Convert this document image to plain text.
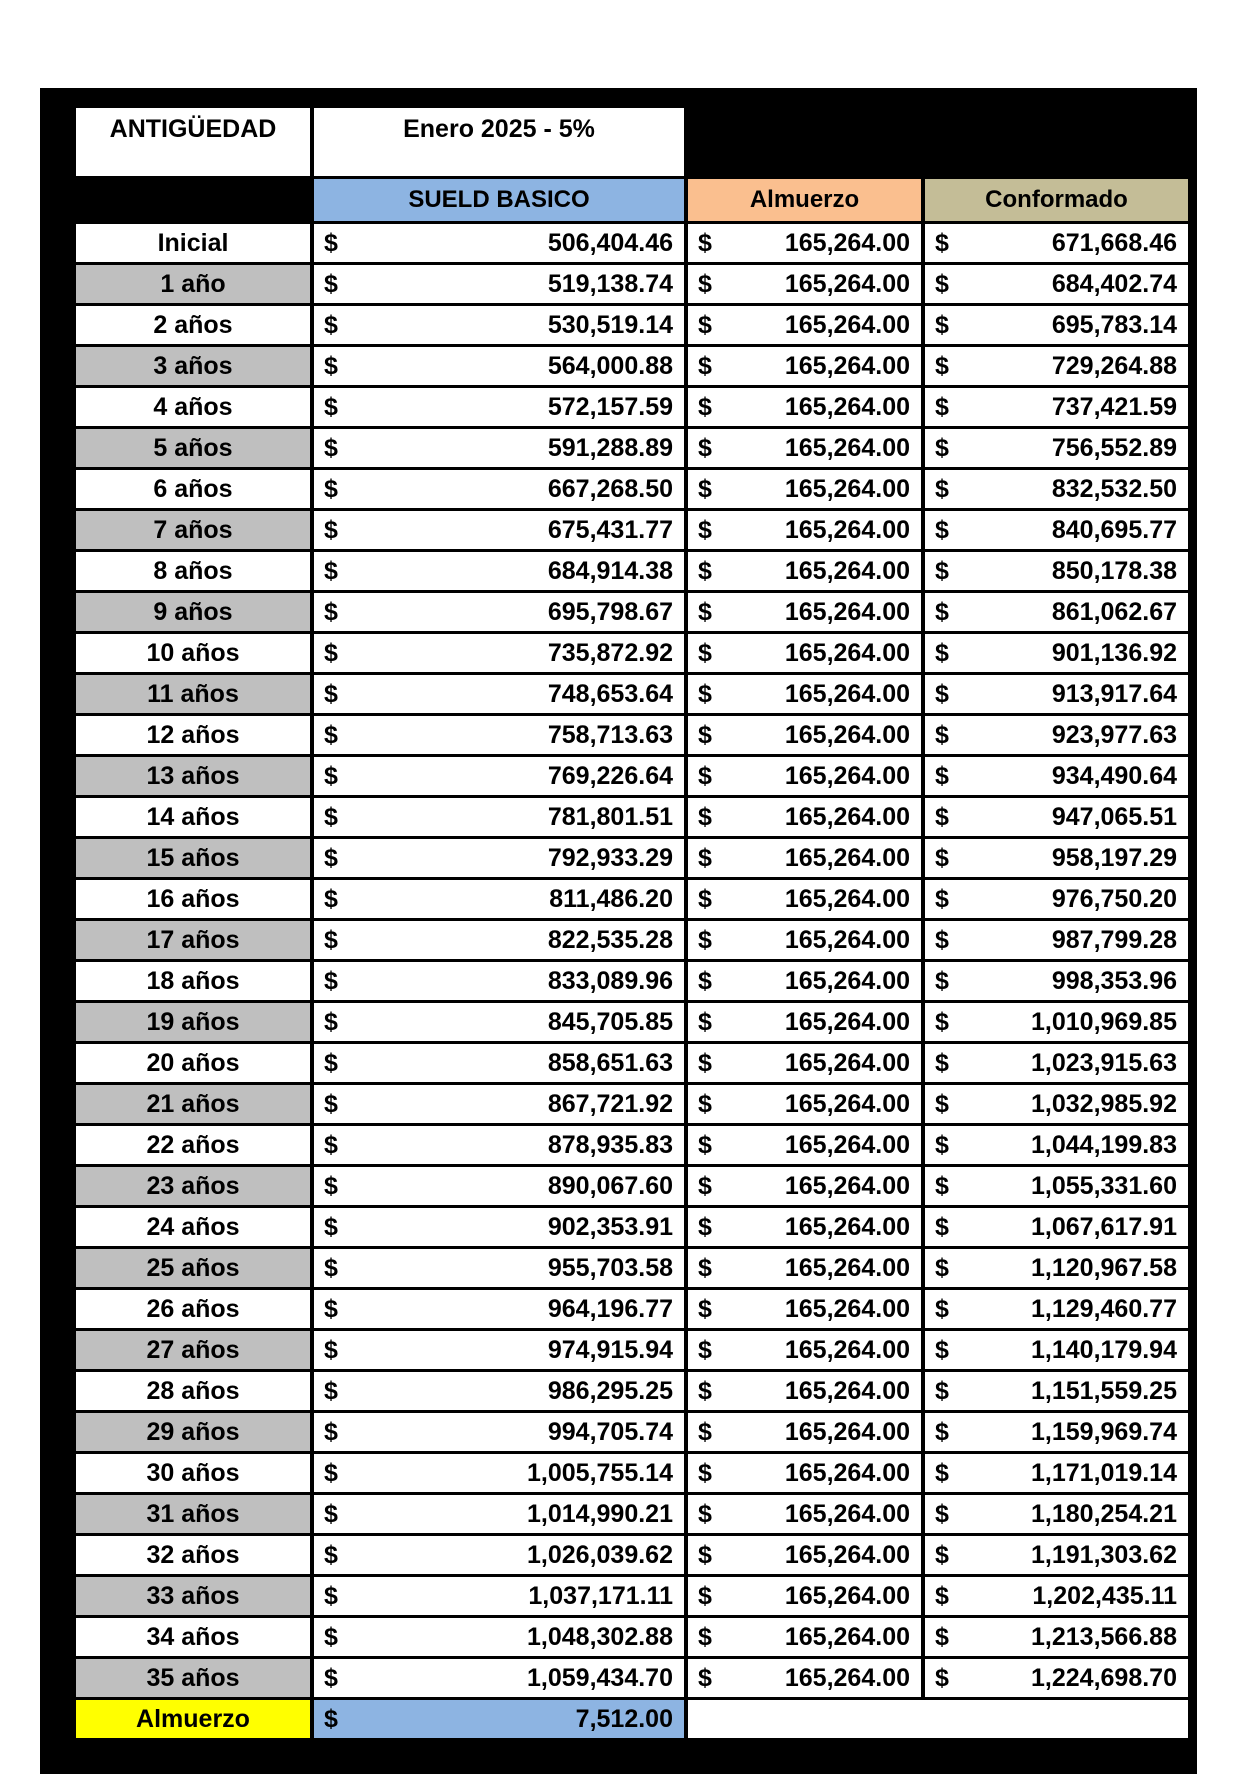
ANTIGÜEDAD	Enero 2025 - 5%		
	SUELD BASICO	Almuerzo	Conformado
Inicial	$ 506,404.46	$ 165,264.00	$ 671,668.46

1 año	$ 519,138.74	$ 165,264.00	$ 684,402.74

2 años	$ 530,519.14	$ 165,264.00	$ 695,783.14

3 años	$ 564,000.88	$ 165,264.00	$ 729,264.88

4 años	$ 572,157.59	$ 165,264.00	$ 737,421.59

5 años	$ 591,288.89	$ 165,264.00	$ 756,552.89

6 años	$ 667,268.50	$ 165,264.00	$ 832,532.50

7 años	$ 675,431.77	$ 165,264.00	$ 840,695.77

8 años	$ 684,914.38	$ 165,264.00	$ 850,178.38

9 años	$ 695,798.67	$ 165,264.00	$ 861,062.67

10 años	$ 735,872.92	$ 165,264.00	$ 901,136.92

11 años	$ 748,653.64	$ 165,264.00	$ 913,917.64

12 años	$ 758,713.63	$ 165,264.00	$ 923,977.63

13 años	$ 769,226.64	$ 165,264.00	$ 934,490.64

14 años	$ 781,801.51	$ 165,264.00	$ 947,065.51

15 años	$ 792,933.29	$ 165,264.00	$ 958,197.29

16 años	$ 811,486.20	$ 165,264.00	$ 976,750.20

17 años	$ 822,535.28	$ 165,264.00	$ 987,799.28

18 años	$ 833,089.96	$ 165,264.00	$ 998,353.96

19 años	$ 845,705.85	$ 165,264.00	$ 1,010,969.85

20 años	$ 858,651.63	$ 165,264.00	$ 1,023,915.63

21 años	$ 867,721.92	$ 165,264.00	$ 1,032,985.92

22 años	$ 878,935.83	$ 165,264.00	$ 1,044,199.83

23 años	$ 890,067.60	$ 165,264.00	$ 1,055,331.60

24 años	$ 902,353.91	$ 165,264.00	$ 1,067,617.91

25 años	$ 955,703.58	$ 165,264.00	$ 1,120,967.58

26 años	$ 964,196.77	$ 165,264.00	$ 1,129,460.77

27 años	$ 974,915.94	$ 165,264.00	$ 1,140,179.94

28 años	$ 986,295.25	$ 165,264.00	$ 1,151,559.25

29 años	$ 994,705.74	$ 165,264.00	$ 1,159,969.74

30 años	$ 1,005,755.14	$ 165,264.00	$ 1,171,019.14

31 años	$ 1,014,990.21	$ 165,264.00	$ 1,180,254.21

32 años	$ 1,026,039.62	$ 165,264.00	$ 1,191,303.62

33 años	$ 1,037,171.11	$ 165,264.00	$ 1,202,435.11

34 años	$ 1,048,302.88	$ 165,264.00	$ 1,213,566.88

35 años	$ 1,059,434.70	$ 165,264.00	$ 1,224,698.70

Almuerzo	$ 7,512.00		
